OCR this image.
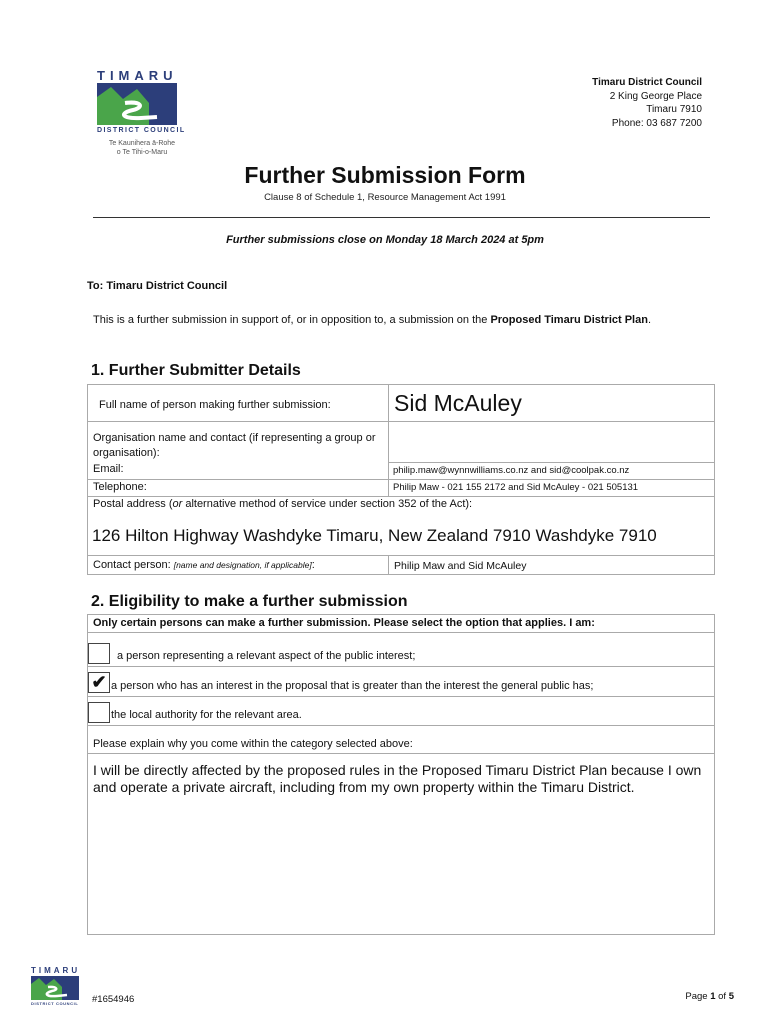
TIMARU
DISTRICT COUNCIL
Te Kaunihera ā-Rohe
o Te Tihi-o-Maru
Timaru District Council
2 King George Place
Timaru 7910
Phone: 03 687 7200
Further Submission Form
Clause 8 of Schedule 1, Resource Management Act 1991
Further submissions close on Monday 18 March 2024 at 5pm
To: Timaru District Council
This is a further submission in support of, or in opposition to, a submission on the Proposed Timaru District Plan.
1. Further Submitter Details
Full name of person making further submission:	Sid McAuley
Organisation name and contact (if representing a group or organisation):
Email:	philip.maw@wynnwilliams.co.nz and sid@coolpak.co.nz
Telephone:	Philip Maw - 021 155 2172 and Sid McAuley - 021 505131
Postal address (or alternative method of service under section 352 of the Act):
126 Hilton Highway Washdyke Timaru, New Zealand 7910 Washdyke 7910
Contact person: [name and designation, if applicable]:	Philip Maw and Sid McAuley
2. Eligibility to make a further submission
Only certain persons can make a further submission. Please select the option that applies. I am:
a person representing a relevant aspect of the public interest;
✔ a person who has an interest in the proposal that is greater than the interest the general public has;
the local authority for the relevant area.
Please explain why you come within the category selected above:
I will be directly affected by the proposed rules in the Proposed Timaru District Plan because I own and operate a private aircraft, including from my own property within the Timaru District.
TIMARU
DISTRICT COUNCIL #1654946	Page 1 of 5
